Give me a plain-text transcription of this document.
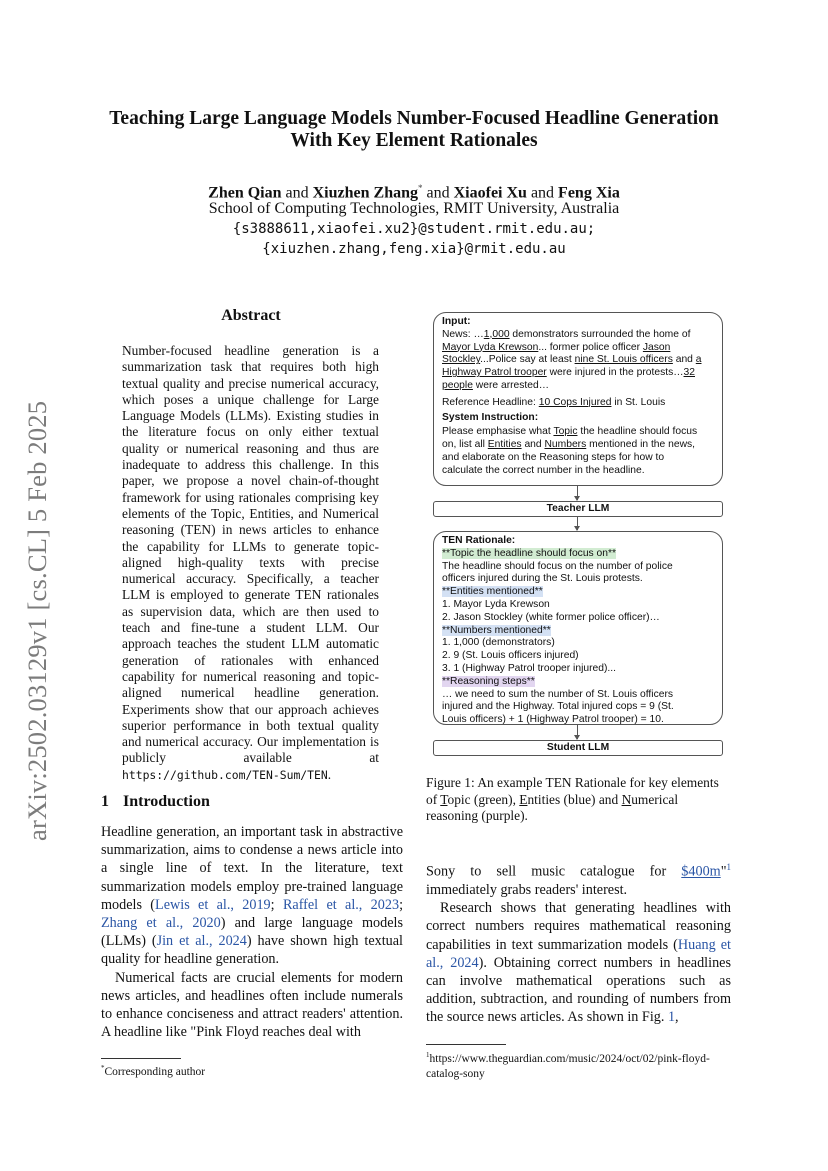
arXiv:2502.03129v1 [cs.CL] 5 Feb 2025
Teaching Large Language Models Number-Focused Headline Generation
With Key Element Rationales
Zhen Qian and Xiuzhen Zhang* and Xiaofei Xu and Feng Xia
School of Computing Technologies, RMIT University, Australia
{s3888611,xiaofei.xu2}@student.rmit.edu.au;
{xiuzhen.zhang,feng.xia}@rmit.edu.au
Abstract
Number-focused headline generation is a summarization task that requires both high textual quality and precise numerical accuracy, which poses a unique challenge for Large Language Models (LLMs). Existing studies in the literature focus on only either textual quality or numerical reasoning and thus are inadequate to address this challenge. In this paper, we propose a novel chain-of-thought framework for using rationales comprising key elements of the Topic, Entities, and Numerical reasoning (TEN) in news articles to enhance the capability for LLMs to generate topic-aligned high-quality texts with precise numerical accuracy. Specifically, a teacher LLM is employed to generate TEN rationales as supervision data, which are then used to teach and fine-tune a student LLM. Our approach teaches the student LLM automatic generation of rationales with enhanced capability for numerical reasoning and topic-aligned numerical headline generation. Experiments show that our approach achieves superior performance in both textual quality and numerical accuracy. Our implementation is publicly available at https://github.com/TEN-Sum/TEN.
1 Introduction

Headline generation, an important task in abstractive summarization, aims to condense a news article into a single line of text. In the literature, text summarization models employ pre-trained language models (Lewis et al., 2019; Raffel et al., 2023; Zhang et al., 2020) and large language models (LLMs) (Jin et al., 2024) have shown high textual quality for headline generation.

Numerical facts are crucial elements for modern news articles, and headlines often include numerals to enhance conciseness and attract readers' attention. A headline like "Pink Floyd reaches deal with

*Corresponding author
Input:
News: …1,000 demonstrators surrounded the home of
Mayor Lyda Krewson... former police officer Jason
Stockley...Police say at least nine St. Louis officers and a
Highway Patrol trooper were injured in the protests…32
people were arrested…
Reference Headline: 10 Cops Injured in St. Louis
System Instruction:
Please emphasise what Topic the headline should focus
on, list all Entities and Numbers mentioned in the news,
and elaborate on the Reasoning steps for how to
calculate the correct number in the headline.
Teacher LLM
TEN Rationale:
**Topic the headline should focus on**
The headline should focus on the number of police
officers injured during the St. Louis protests.
**Entities mentioned**
1. Mayor Lyda Krewson
2. Jason Stockley (white former police officer)…
**Numbers mentioned**
1. 1,000 (demonstrators)
2. 9 (St. Louis officers injured)
3. 1 (Highway Patrol trooper injured)...
**Reasoning steps**
… we need to sum the number of St. Louis officers
injured and the Highway. Total injured cops = 9 (St.
Louis officers) + 1 (Highway Patrol trooper) = 10.
Student LLM
Figure 1: An example TEN Rationale for key elements of Topic (green), Entities (blue) and Numerical reasoning (purple).

Sony to sell music catalogue for $400m"$^1$ immediately grabs readers' interest.

Research shows that generating headlines with correct numbers requires mathematical reasoning capabilities in text summarization models (Huang et al., 2024). Obtaining correct numbers in headlines can involve mathematical operations such as addition, subtraction, and rounding of numbers from the source news articles. As shown in Fig. 1,

$^1$https://www.theguardian.com/music/2024/oct/02/pink-floyd-catalog-sony
